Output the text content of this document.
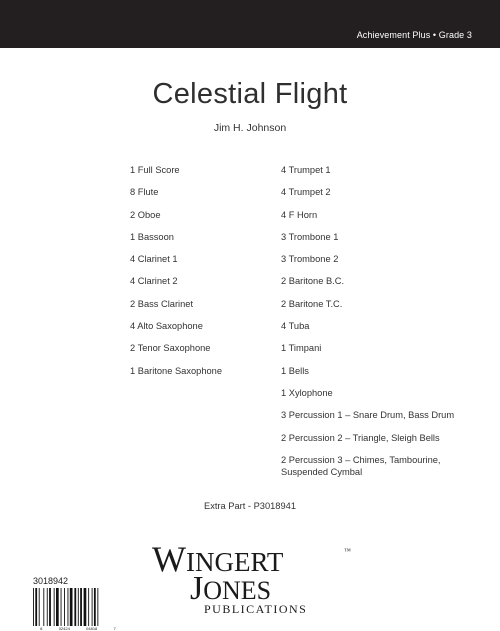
Achievement Plus • Grade 3
Celestial Flight
Jim H. Johnson
1 Full Score
8 Flute
2 Oboe
1 Bassoon
4 Clarinet 1
4 Clarinet 2
2 Bass Clarinet
4 Alto Saxophone
2 Tenor Saxophone
1 Baritone Saxophone
4 Trumpet 1
4 Trumpet 2
4 F Horn
3 Trombone 1
3 Trombone 2
2 Baritone B.C.
2 Baritone T.C.
4 Tuba
1 Timpani
1 Bells
1 Xylophone
3 Percussion 1 – Snare Drum, Bass Drum
2 Percussion 2 – Triangle, Sleigh Bells
2 Percussion 3 – Chimes, Tambourine, Suspended Cymbal
Extra Part - P3018941
WINGERT	™
JONES
PUBLICATIONS
3018942
8	02424	04818	7
